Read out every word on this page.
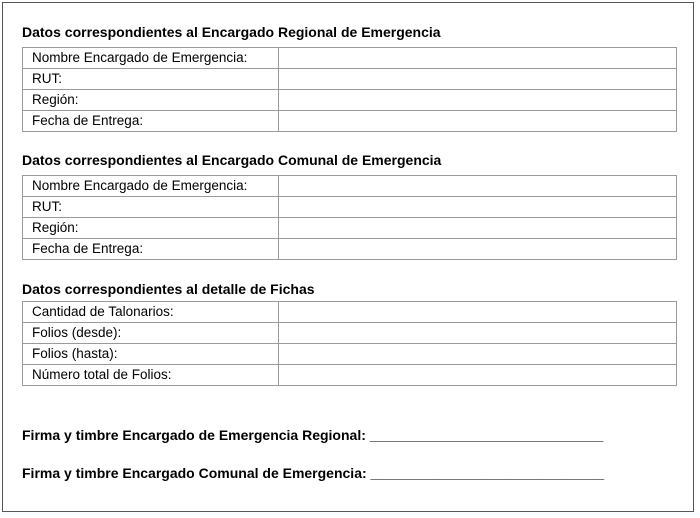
Datos correspondientes al Encargado Regional de Emergencia
Nombre Encargado de Emergencia:	
RUT:	
Región:	
Fecha de Entrega:	
Datos correspondientes al Encargado Comunal de Emergencia
Nombre Encargado de Emergencia:	
RUT:	
Región:	
Fecha de Entrega:	
Datos correspondientes al detalle de Fichas
Cantidad de Talonarios:	
Folios (desde):	
Folios (hasta):	
Número total de Folios:	
Firma y timbre Encargado de Emergencia Regional: ______________________________
Firma y timbre Encargado Comunal de Emergencia: ______________________________
